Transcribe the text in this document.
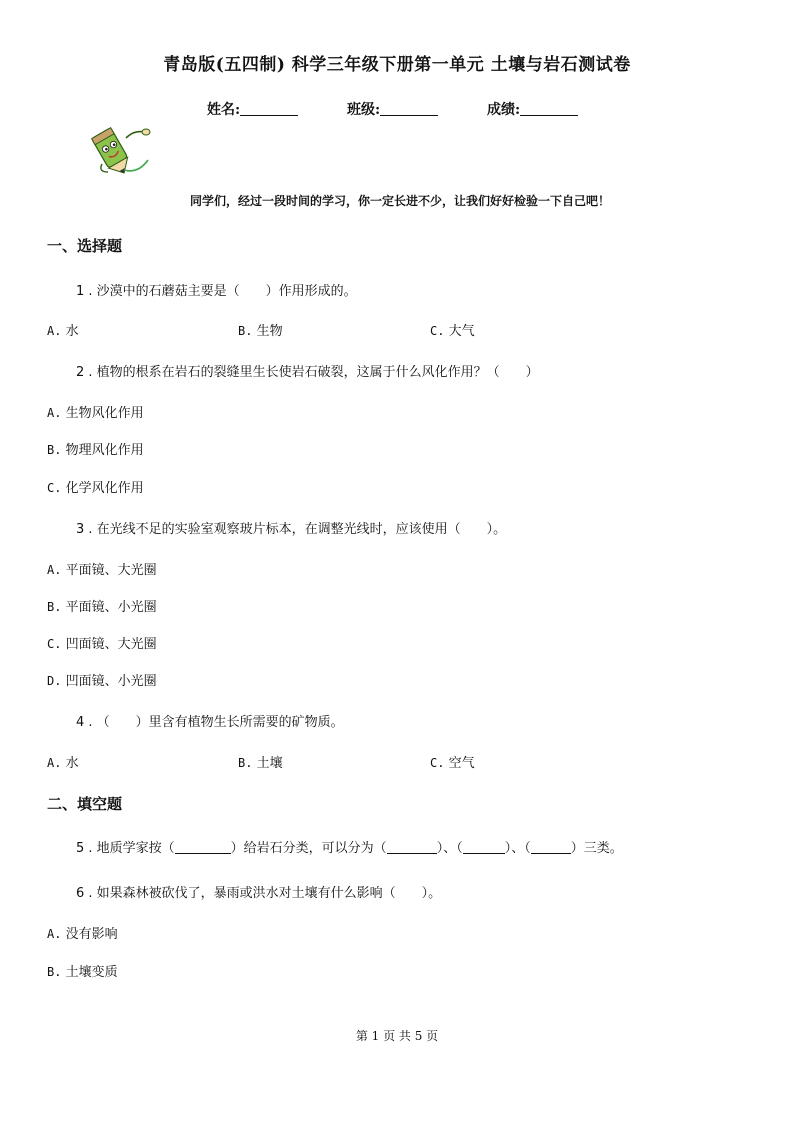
青岛版(五四制) 科学三年级下册第一单元 土壤与岩石测试卷
姓名:	班级:	成绩:
同学们，经过一段时间的学习，你一定长进不少，让我们好好检验一下自己吧！
一、选择题
1 . 沙漠中的石蘑菇主要是（　　）作用形成的。
A. 水	B. 生物	C. 大气
2 . 植物的根系在岩石的裂缝里生长使岩石破裂，这属于什么风化作用？（　　）
A. 生物风化作用
B. 物理风化作用
C. 化学风化作用
3 . 在光线不足的实验室观察玻片标本，在调整光线时，应该使用（　　）。
A. 平面镜、大光圈
B. 平面镜、小光圈
C. 凹面镜、大光圈
D. 凹面镜、小光圈
4 . （　　）里含有植物生长所需要的矿物质。
A. 水	B. 土壤	C. 空气
二、填空题
5 . 地质学家按（	）给岩石分类，可以分为（	）、（	）、（	）三类。
6 . 如果森林被砍伐了，暴雨或洪水对土壤有什么影响（　　）。
A. 没有影响
B. 土壤变质
第 1 页 共 5 页
